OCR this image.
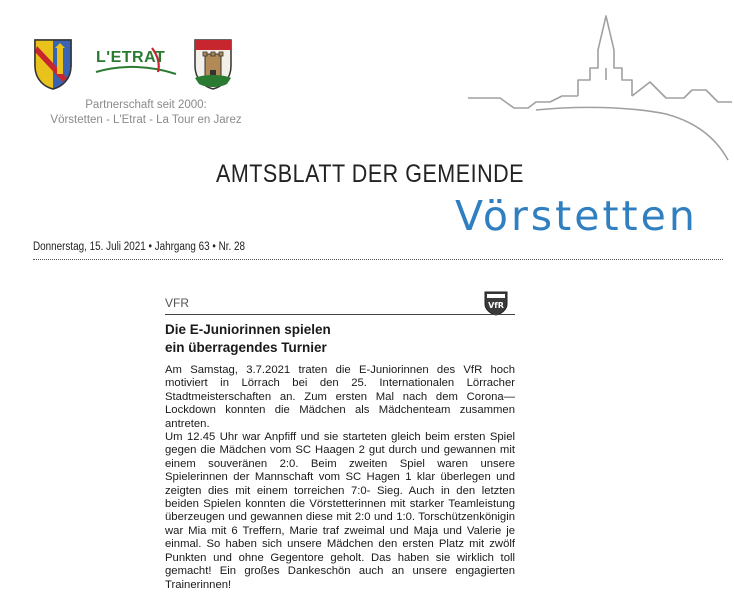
L'ETRAT
Partnerschaft seit 2000:
Vörstetten - L'Etrat - La Tour en Jarez
AMTSBLATT DER GEMEINDE
Vörstetten
Donnerstag, 15. Juli 2021 • Jahrgang 63 • Nr. 28
VFR	VfR
Die E-Juniorinnen spielen
ein überragendes Turnier
Am Samstag, 3.7.2021 traten die E-Juniorinnen des VfR hoch motiviert in Lörrach bei den 25. Internationalen Lörracher Stadtmeisterschaften an. Zum ersten Mal nach dem Corona—Lockdown konnten die Mädchen als Mädchenteam zusammen antreten.
Um 12.45 Uhr war Anpfiff und sie starteten gleich beim ersten Spiel gegen die Mädchen vom SC Haagen 2 gut durch und gewannen mit einem souveränen 2:0. Beim zweiten Spiel waren unsere Spielerinnen der Mannschaft vom SC Hagen 1 klar überlegen und zeigten dies mit einem torreichen 7:0- Sieg. Auch in den letzten beiden Spielen konnten die Vörstetterinnen mit starker Teamleistung überzeugen und gewannen diese mit 2:0 und 1:0. Torschützenkönigin war Mia mit 6 Treffern, Marie traf zweimal und Maja und Valerie je einmal. So haben sich unsere Mädchen den ersten Platz mit zwölf Punkten und ohne Gegentore geholt. Das haben sie wirklich toll gemacht! Ein großes Dankeschön auch an unsere engagierten Trainerinnen!
